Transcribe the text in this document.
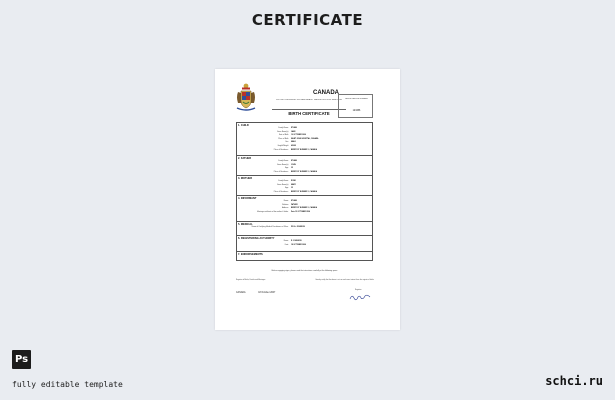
CERTIFICATE
CANADA
ROYAL CANADIAN GOVERNMENT REGISTRATION SERVICE
BIRTH CERTIFICATE
REGISTRATION NUMBER
123456
1. CHILD
Family Name ETHAN
Given Name(s) JAKE
Date of Birth 10 OCTOBER 2006
Place of Birth SAINT JOHN HOSPITAL, CANADA
Sex MALE
Height/Weight 4500G
Place of Residence BERRY ST NUMBER 1, CANADA
2. FATHER
Family Name ETHAN
Given Name(s) JOHN
Age 35
Place of Residence BERRY ST NUMBER 1, CANADA
3. MOTHER
Family Name ROSE
Given Name(s) MARY
Age 32
Place of Residence BERRY ST NUMBER 1, CANADA
4. INFORMANT
Name ETHAN
Relation FATHER
Address BERRY ST NUMBER 1, CANADA
Marriage certificate of the mother & father Date 12 OCTOBER 2006
5. MEDICAL
Name of Certifying Medical Practitioner or Officer DR. A. JOHNSON
6. REGISTERING AUTHORITY
Name R. JOHNSON
Date 18 OCTOBER 2006
7. ENDORSEMENTS
Before engaging signs, please read the instructions carefully at the following space
Registrar of Births, Deaths and Marriages	I hereby certify that the above is a true and correct extract from the register of births
Registrar
CANADA	18 October 2007
Ps
fully editable template	schci.ru
